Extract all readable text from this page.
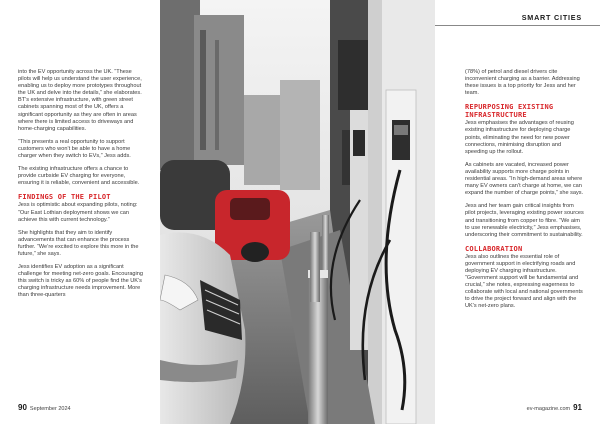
SMART CITIES

into the EV opportunity across the UK. “These pilots will help us understand the user experience, enabling us to deploy more prototypes throughout the UK and delve into the details,” she elaborates. BT’s extensive infrastructure, with green street cabinets spanning most of the UK, offers a significant opportunity as they are often in areas where there is limited access to driveways and home-charging capabilities.

“This presents a real opportunity to support customers who won’t be able to have a home charger when they switch to EVs,” Jess adds.

The existing infrastructure offers a chance to provide curbside EV charging for everyone, ensuring it is reliable, convenient and accessible.

FINDINGS OF THE PILOT

Jess is optimistic about expanding pilots, noting: “Our East Lothian deployment shows we can achieve this with current technology.”

She highlights that they aim to identify advancements that can enhance the process further. “We’re excited to explore this more in the future,” she says.

Jess identifies EV adoption as a significant challenge for meeting net-zero goals. Encouraging this switch is tricky as 60% of people find the UK’s charging infrastructure needs improvement. More than three-quarters

(78%) of petrol and diesel drivers cite inconvenient charging as a barrier. Addressing these issues is a top priority for Jess and her team.

REPURPOSING EXISTING INFRASTRUCTURE

Jess emphasises the advantages of reusing existing infrastructure for deploying charge points, eliminating the need for new power connections, minimising disruption and speeding up the rollout.

As cabinets are vacated, increased power availability supports more charge points in residential areas. “In high-demand areas where many EV owners can’t charge at home, we can expand the number of charge points,” she says.

Jess and her team gain critical insights from pilot projects, leveraging existing power sources and transitioning from copper to fibre. “We aim to use renewable electricity,” Jess emphasises, underscoring their commitment to sustainability.

COLLABORATION

Jess also outlines the essential role of government support in electrifying roads and deploying EV charging infrastructure. “Government support will be fundamental and crucial,” she notes, expressing eagerness to collaborate with local and national governments to drive the project forward and align with the UK’s net-zero plans.

90 September 2024	ev-magazine.com 91
